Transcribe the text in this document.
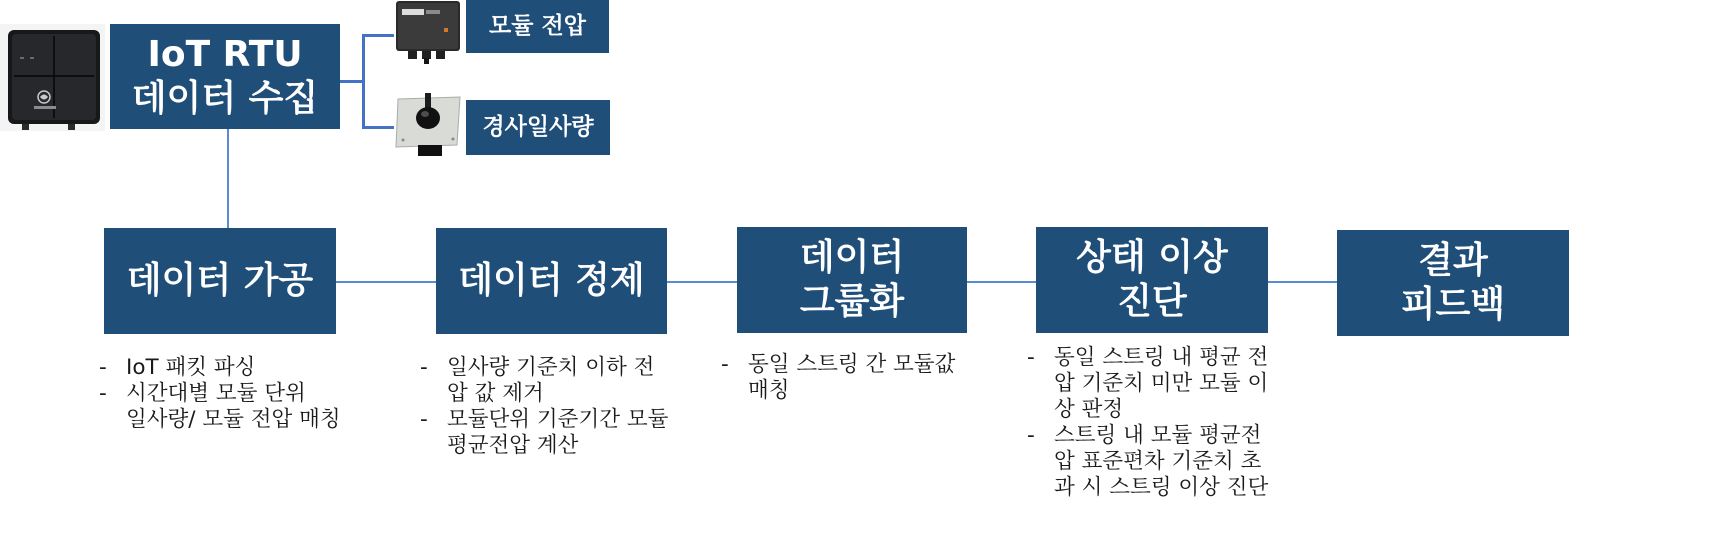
IoT RTU
데이터 수집
모듈 전압
경사일사량
데이터 가공	데이터 정제
데이터
그룹화
상태 이상
진단
결과
피드백
- IoT 패킷 파싱
- 시간대별 모듈 단위
일사량/ 모듈 전압 매칭
- 일사량 기준치 이하 전
압 값 제거
- 모듈단위 기준기간 모듈
평균전압 계산
- 동일 스트링 간 모듈값
매칭
- 동일 스트링 내 평균 전
압 기준치 미만 모듈 이
상 판정
- 스트링 내 모듈 평균전
압 표준편차 기준치 초
과 시 스트링 이상 진단
